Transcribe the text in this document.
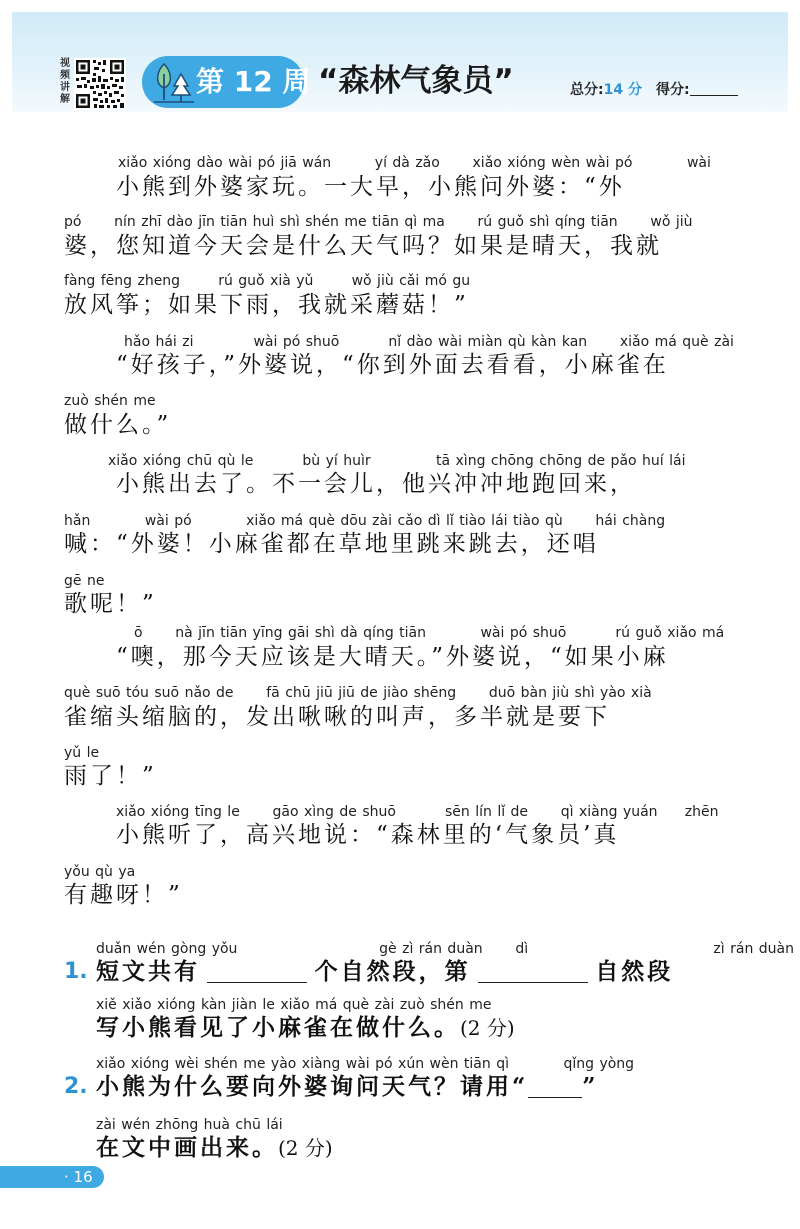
视
频
讲
解
第 12 周 “森林气象员”	总分:14 分 得分:
xiǎo xióng dào wài pó jiā wán        yí dà zǎo      xiǎo xióng wèn wài pó          wài
小熊到外婆家玩。一大早，小熊问外婆：“外
pó      nín zhī dào jīn tiān huì shì shén me tiān qì ma      rú guǒ shì qíng tiān      wǒ jiù
婆，您知道今天会是什么天气吗？如果是晴天，我就
fàng fēng zheng       rú guǒ xià yǔ       wǒ jiù cǎi mó gu
放风筝；如果下雨，我就采蘑菇！”
hǎo hái zi           wài pó shuō         nǐ dào wài miàn qù kàn kan      xiǎo má què zài
“好孩子，”外婆说，“你到外面去看看，小麻雀在
zuò shén me
做什么。”
xiǎo xióng chū qù le         bù yí huìr            tā xìng chōng chōng de pǎo huí lái
小熊出去了。不一会儿，他兴冲冲地跑回来，
hǎn          wài pó          xiǎo má què dōu zài cǎo dì lǐ tiào lái tiào qù      hái chàng
喊：“外婆！小麻雀都在草地里跳来跳去，还唱
gē ne
歌呢！”
ō      nà jīn tiān yīng gāi shì dà qíng tiān          wài pó shuō         rú guǒ xiǎo má
“噢，那今天应该是大晴天。”外婆说，“如果小麻
què suō tóu suō nǎo de      fā chū jiū jiū de jiào shēng      duō bàn jiù shì yào xià
雀缩头缩脑的，发出啾啾的叫声，多半就是要下
yǔ le
雨了！”
xiǎo xióng tīng le      gāo xìng de shuō         sēn lín lǐ de      qì xiàng yuán     zhēn
小熊听了，高兴地说：“森林里的‘气象员’真
yǒu qù ya
有趣呀！”
duǎn wén gòng yǒu                          gè zì rán duàn      dì                                  zì rán duàn
1. 短文共有	个自然段，第	自然段
xiě xiǎo xióng kàn jiàn le xiǎo má què zài zuò shén me
写小熊看见了小麻雀在做什么。(2 分)
xiǎo xióng wèi shén me yào xiàng wài pó xún wèn tiān qì          qǐng yòng
2. 小熊为什么要向外婆询问天气？请用“ ”
zài wén zhōng huà chū lái
在文中画出来。(2 分)
· 16
